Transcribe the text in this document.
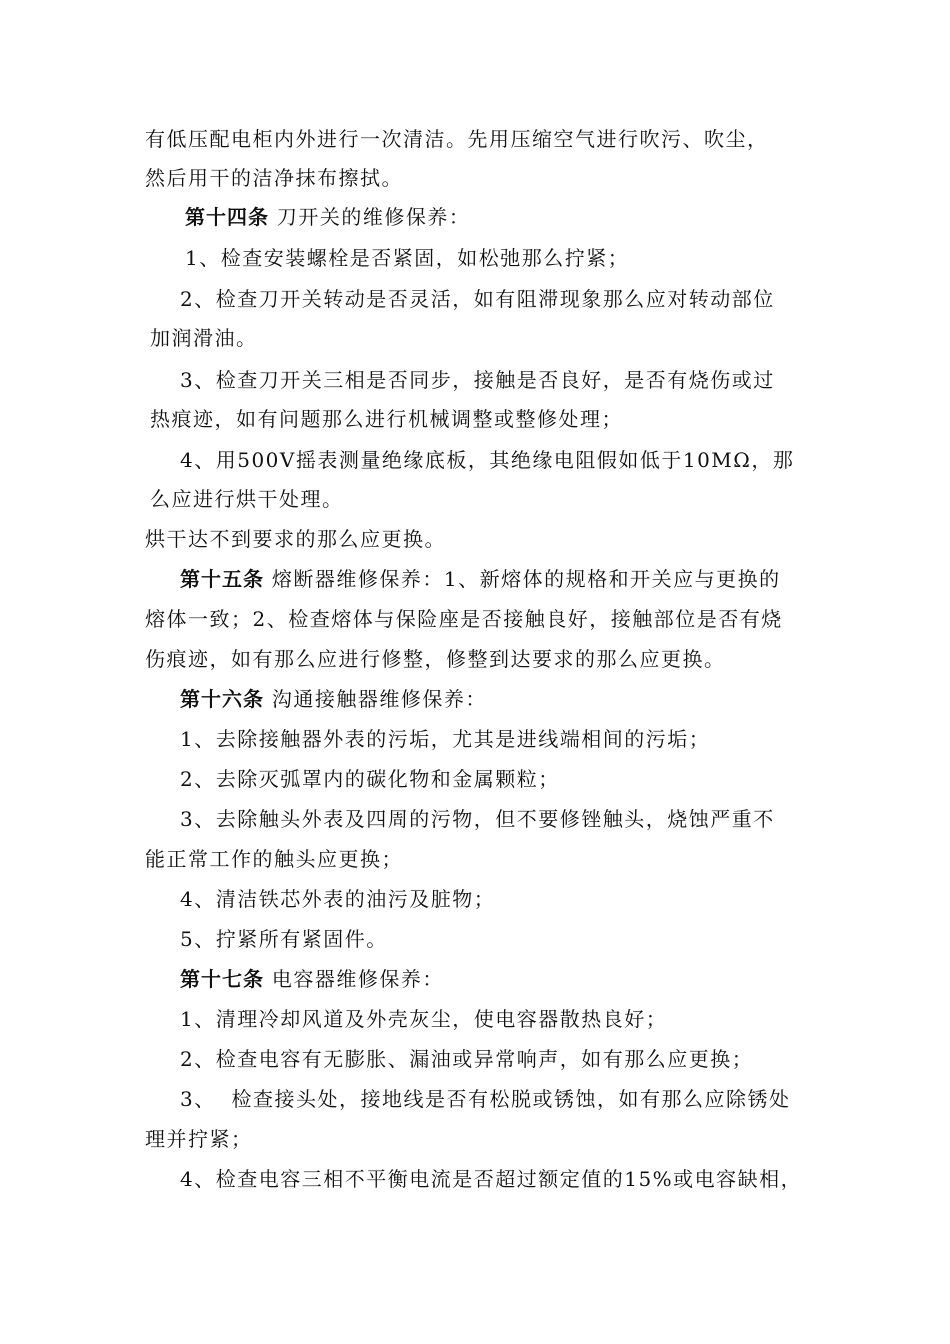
有低压配电柜内外进行一次清洁。先用压缩空气进行吹污、吹尘，
然后用干的洁净抹布擦拭。
第十四条 刀开关的维修保养：
1、检查安装螺栓是否紧固，如松弛那么拧紧；
2、检查刀开关转动是否灵活，如有阻滞现象那么应对转动部位
加润滑油。
3、检查刀开关三相是否同步，接触是否良好，是否有烧伤或过
热痕迹，如有问题那么进行机械调整或整修处理；
4、用500V摇表测量绝缘底板，其绝缘电阻假如低于10MΩ，那
么应进行烘干处理。
烘干达不到要求的那么应更换。
第十五条 熔断器维修保养：1、新熔体的规格和开关应与更换的
熔体一致；2、检查熔体与保险座是否接触良好，接触部位是否有烧
伤痕迹，如有那么应进行修整，修整到达要求的那么应更换。
第十六条 沟通接触器维修保养：
1、去除接触器外表的污垢，尤其是进线端相间的污垢；
2、去除灭弧罩内的碳化物和金属颗粒；
3、去除触头外表及四周的污物，但不要修锉触头，烧蚀严重不
能正常工作的触头应更换；
4、清洁铁芯外表的油污及脏物；
5、拧紧所有紧固件。
第十七条 电容器维修保养：
1、清理冷却风道及外壳灰尘，使电容器散热良好；
2、检查电容有无膨胀、漏油或异常响声，如有那么应更换；
3、  检查接头处，接地线是否有松脱或锈蚀，如有那么应除锈处
理并拧紧；
4、检查电容三相不平衡电流是否超过额定值的15%或电容缺相，
